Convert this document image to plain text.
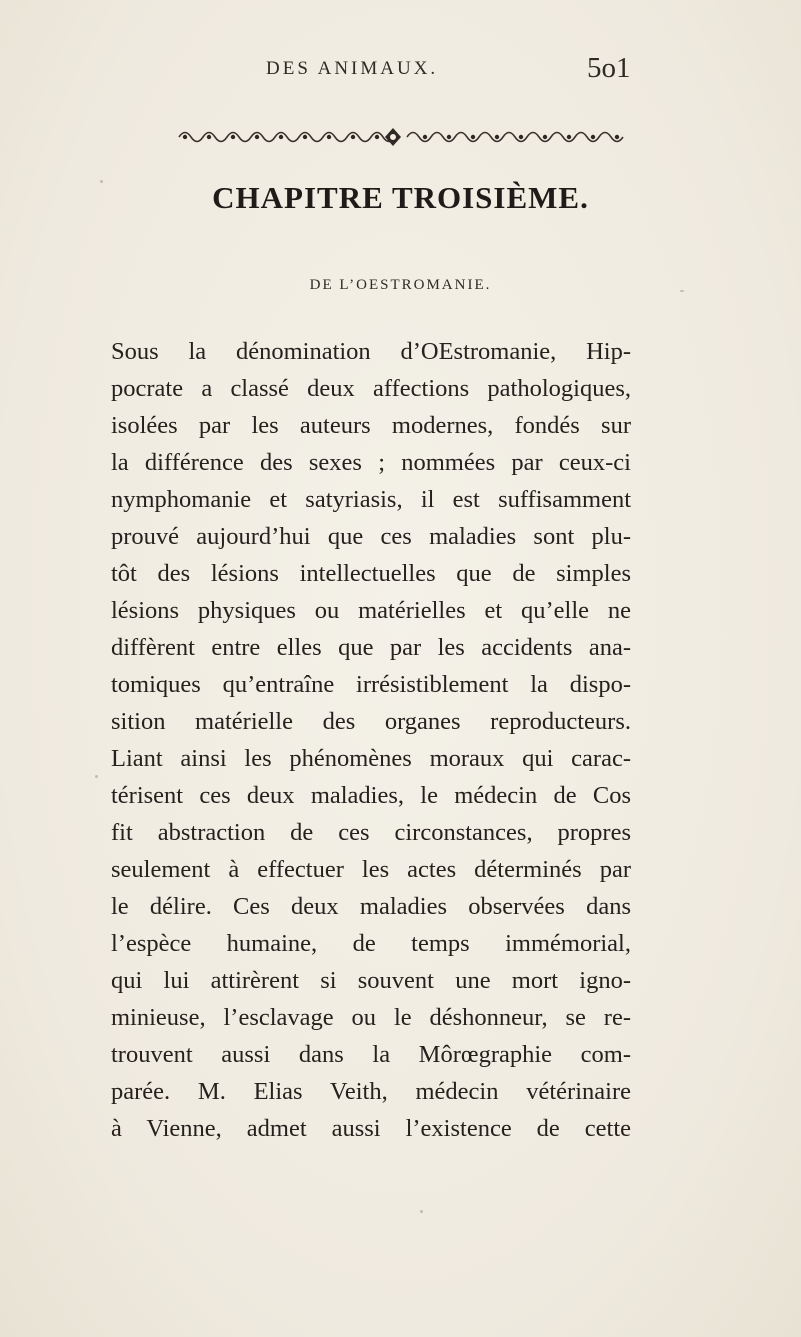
DES ANIMAUX.	5o1
CHAPITRE TROISIÈME.
DE L’OESTROMANIE.
Sous la dénomination d’OEstromanie, Hip-
pocrate a classé deux affections pathologiques,
isolées par les auteurs modernes, fondés sur
la différence des sexes ; nommées par ceux-ci
nymphomanie et satyriasis, il est suffisamment
prouvé aujourd’hui que ces maladies sont plu-
tôt des lésions intellectuelles que de simples
lésions physiques ou matérielles et qu’elle ne
diffèrent entre elles que par les accidents ana-
tomiques qu’entraîne irrésistiblement la dispo-
sition matérielle des organes reproducteurs.
Liant ainsi les phénomènes moraux qui carac-
térisent ces deux maladies, le médecin de Cos
fit abstraction de ces circonstances, propres
seulement à effectuer les actes déterminés par
le délire. Ces deux maladies observées dans
l’espèce humaine, de temps immémorial,
qui lui attirèrent si souvent une mort igno-
minieuse, l’esclavage ou le déshonneur, se re-
trouvent aussi dans la Môrœgraphie com-
parée. M. Elias Veith, médecin vétérinaire
à Vienne, admet aussi l’existence de cette
